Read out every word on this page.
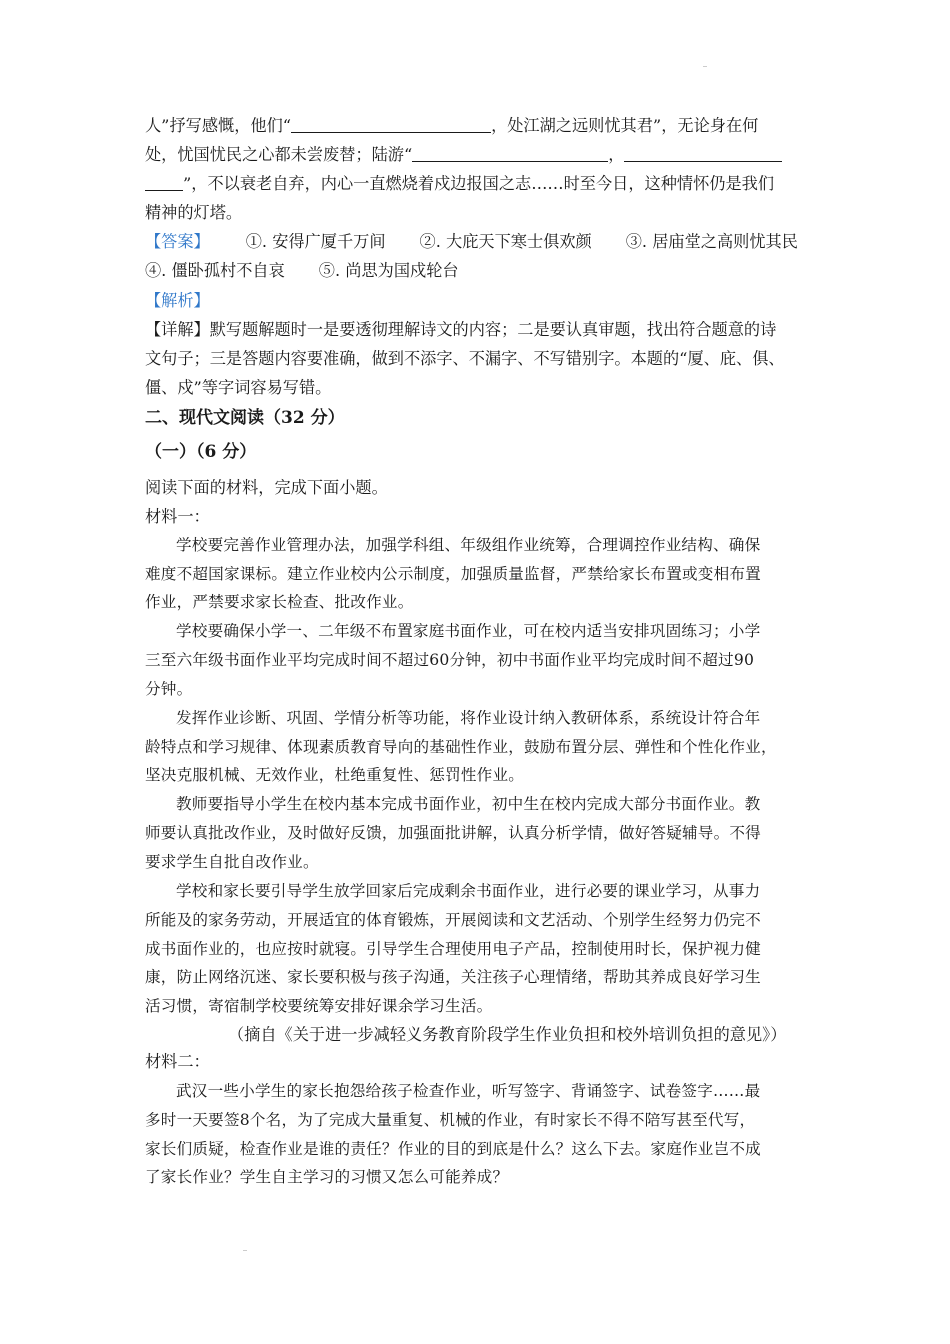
人”抒写感慨，他们“	，处江湖之远则忧其君”，无论身在何
处，忧国忧民之心都未尝废替；陆游“	，
”，不以衰老自弃，内心一直燃烧着戍边报国之志……时至今日，这种情怀仍是我们
精神的灯塔。
【答案】 ①. 安得广厦千万间 ②. 大庇天下寒士俱欢颜 ③. 居庙堂之高则忧其民
④. 僵卧孤村不自哀 ⑤. 尚思为国戍轮台
【解析】
【详解】默写题解题时一是要透彻理解诗文的内容；二是要认真审题，找出符合题意的诗
文句子；三是答题内容要准确，做到不添字、不漏字、不写错别字。本题的“厦、庇、俱、
僵、戍”等字词容易写错。
二、现代文阅读（32 分）
（一）（6 分）
阅读下面的材料，完成下面小题。
材料一：
学校要完善作业管理办法，加强学科组、年级组作业统筹，合理调控作业结构、确保
难度不超国家课标。建立作业校内公示制度，加强质量监督，严禁给家长布置或变相布置
作业，严禁要求家长检查、批改作业。
学校要确保小学一、二年级不布置家庭书面作业，可在校内适当安排巩固练习；小学
三至六年级书面作业平均完成时间不超过60分钟，初中书面作业平均完成时间不超过90
分钟。
发挥作业诊断、巩固、学情分析等功能，将作业设计纳入教研体系，系统设计符合年
龄特点和学习规律、体现素质教育导向的基础性作业，鼓励布置分层、弹性和个性化作业，
坚决克服机械、无效作业，杜绝重复性、惩罚性作业。
教师要指导小学生在校内基本完成书面作业，初中生在校内完成大部分书面作业。教
师要认真批改作业，及时做好反馈，加强面批讲解，认真分析学情，做好答疑辅导。不得
要求学生自批自改作业。
学校和家长要引导学生放学回家后完成剩余书面作业，进行必要的课业学习，从事力
所能及的家务劳动，开展适宜的体育锻炼，开展阅读和文艺活动、个别学生经努力仍完不
成书面作业的，也应按时就寝。引导学生合理使用电子产品，控制使用时长，保护视力健
康，防止网络沉迷、家长要积极与孩子沟通，关注孩子心理情绪，帮助其养成良好学习生
活习惯，寄宿制学校要统筹安排好课余学习生活。
（摘自《关于进一步减轻义务教育阶段学生作业负担和校外培训负担的意见》）
材料二：
武汉一些小学生的家长抱怨给孩子检查作业，听写签字、背诵签字、试卷签字……最
多时一天要签8个名，为了完成大量重复、机械的作业，有时家长不得不陪写甚至代写，
家长们质疑，检查作业是谁的责任？作业的目的到底是什么？这么下去。家庭作业岂不成
了家长作业？学生自主学习的习惯又怎么可能养成？
